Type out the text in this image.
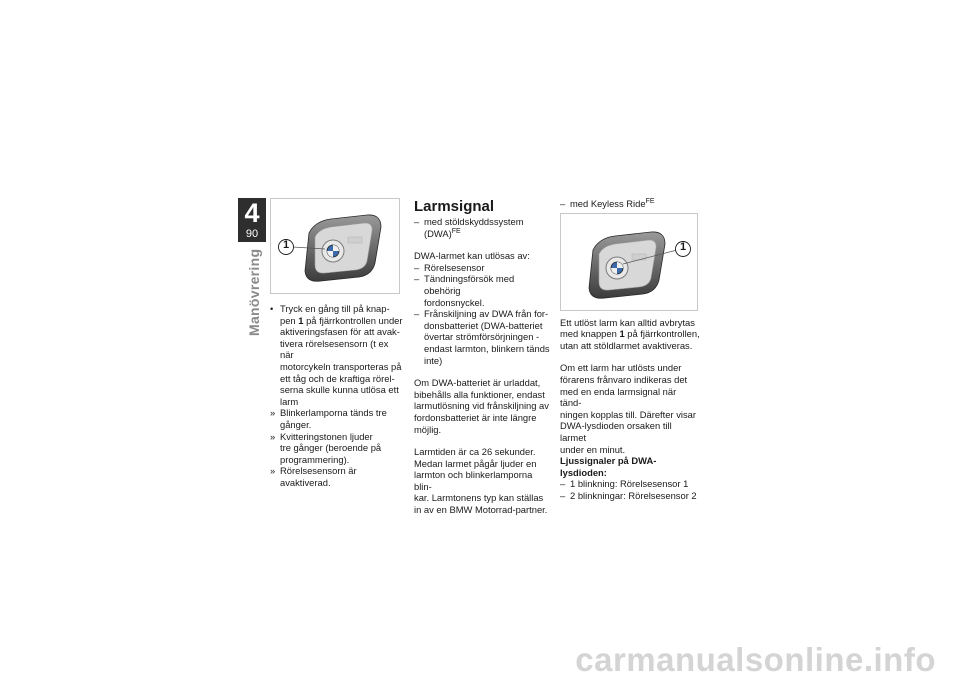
4
90
Manövrering
1
• Tryck en gång till på knap-
pen 1 på fjärrkontrollen under
aktiveringsfasen för att avak-
tivera rörelsesensorn (t ex när
motorcykeln transporteras på
ett tåg och de kraftiga rörel-
serna skulle kunna utlösa ett
larm
» Blinkerlamporna tänds tre
gånger.
» Kvitteringstonen ljuder
tre gånger (beroende på
programmering).
» Rörelsesensorn är avaktiverad.

Larmsignal

– med stöldskyddssystem
(DWA)$^{FE}$

DWA-larmet kan utlösas av:

– Rörelsesensor
– Tändningsförsök med obehörig
fordonsnyckel.
– Frånskiljning av DWA från for-
donsbatteriet (DWA-batteriet
övertar strömförsörjningen -
endast larmton, blinkern tänds
inte)

Om DWA-batteriet är urladdat,
bibehålls alla funktioner, endast
larmutlösning vid frånskiljning av
fordonsbatteriet är inte längre
möjlig.

Larmtiden är ca 26 sekunder.
Medan larmet pågår ljuder en
larmton och blinkerlamporna blin-
kar. Larmtonens typ kan ställas
in av en BMW Motorrad-partner.

– med Keyless Ride$^{FE}$
1

Ett utlöst larm kan alltid avbrytas
med knappen 1 på fjärrkontrollen,
utan att stöldlarmet avaktiveras.

Om ett larm har utlösts under
förarens frånvaro indikeras det
med en enda larmsignal när tänd-
ningen kopplas till. Därefter visar
DWA-lysdioden orsaken till larmet
under en minut.

Ljussignaler på DWA-
lysdioden:

– 1 blinkning: Rörelsesensor 1
– 2 blinkningar: Rörelsesensor 2
carmanualsonline.info
